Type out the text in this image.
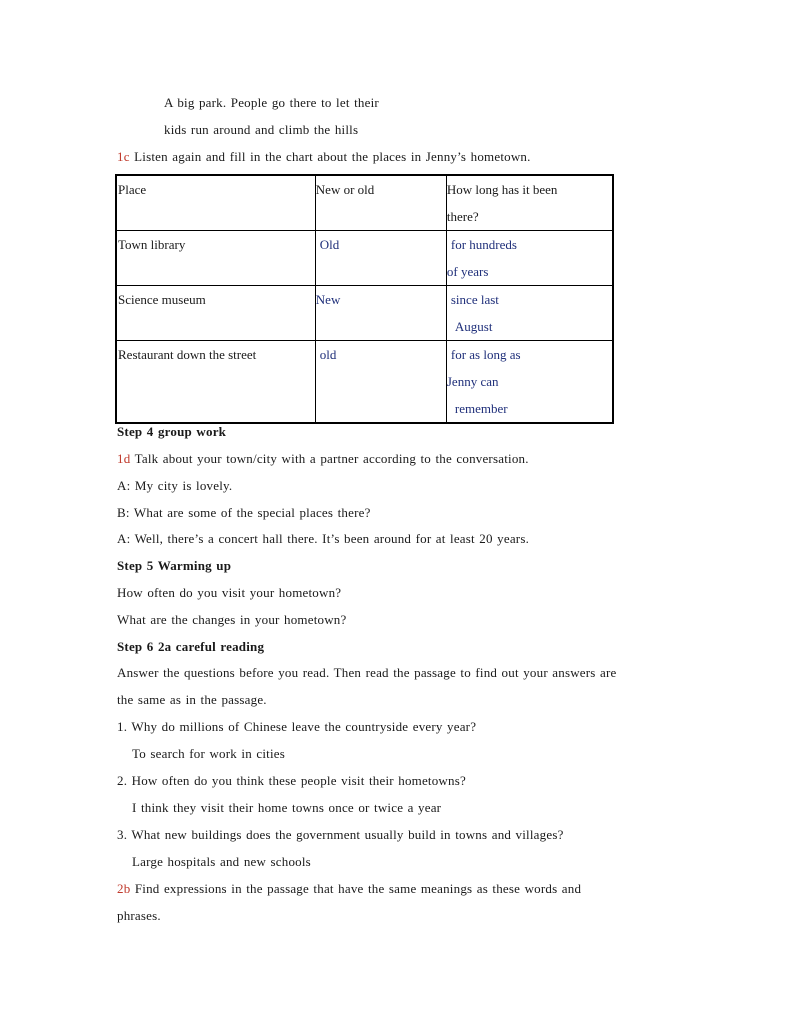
A big park. People go there to let their
kids run around and climb the hills
1c Listen again and fill in the chart about the places in Jenny’s hometown.
Place	New or old	How long has it been
there?

Town library	Old	for hundreds
of years

Science museum	New	since last
August

Restaurant down the street	old	for as long as
Jenny can
remember
Step 4 group work
1d Talk about your town/city with a partner according to the conversation.
A: My city is lovely.
B: What are some of the special places there?
A: Well, there’s a concert hall there. It’s been around for at least 20 years.
Step 5 Warming up
How often do you visit your hometown?
What are the changes in your hometown?
Step 6 2a careful reading
Answer the questions before you read. Then read the passage to find out your answers are
the same as in the passage.
1. Why do millions of Chinese leave the countryside every year?
To search for work in cities
2. How often do you think these people visit their hometowns?
I think they visit their home towns once or twice a year
3. What new buildings does the government usually build in towns and villages?
Large hospitals and new schools
2b Find expressions in the passage that have the same meanings as these words and
phrases.
